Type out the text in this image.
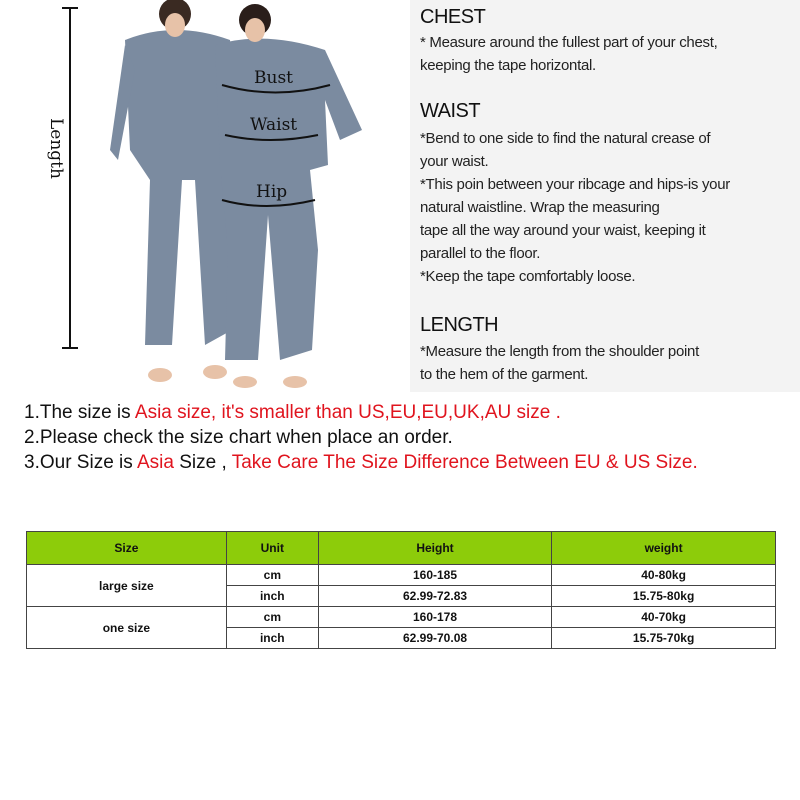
Length
Bust
Waist
Hip
CHEST
* Measure around the fullest part of your chest,
keeping the tape horizontal.
WAIST
*Bend to one side to find the natural crease of
your waist.
*This poin between your ribcage and hips-is your
natural waistline. Wrap the measuring
tape all the way around your waist, keeping it
parallel to the floor.
*Keep the tape comfortably loose.
LENGTH
*Measure the length from the shoulder point
to the hem of the garment.
1.The size is Asia size, it's smaller than US,EU,EU,UK,AU size .
2.Please check the size chart when place an order.
3.Our Size is Asia Size , Take Care The Size Difference Between EU & US Size.
Size	Unit	Height	weight
large size	cm	160-185	40-80kg
	inch	62.99-72.83	15.75-80kg
one size	cm	160-178	40-70kg
	inch	62.99-70.08	15.75-70kg
